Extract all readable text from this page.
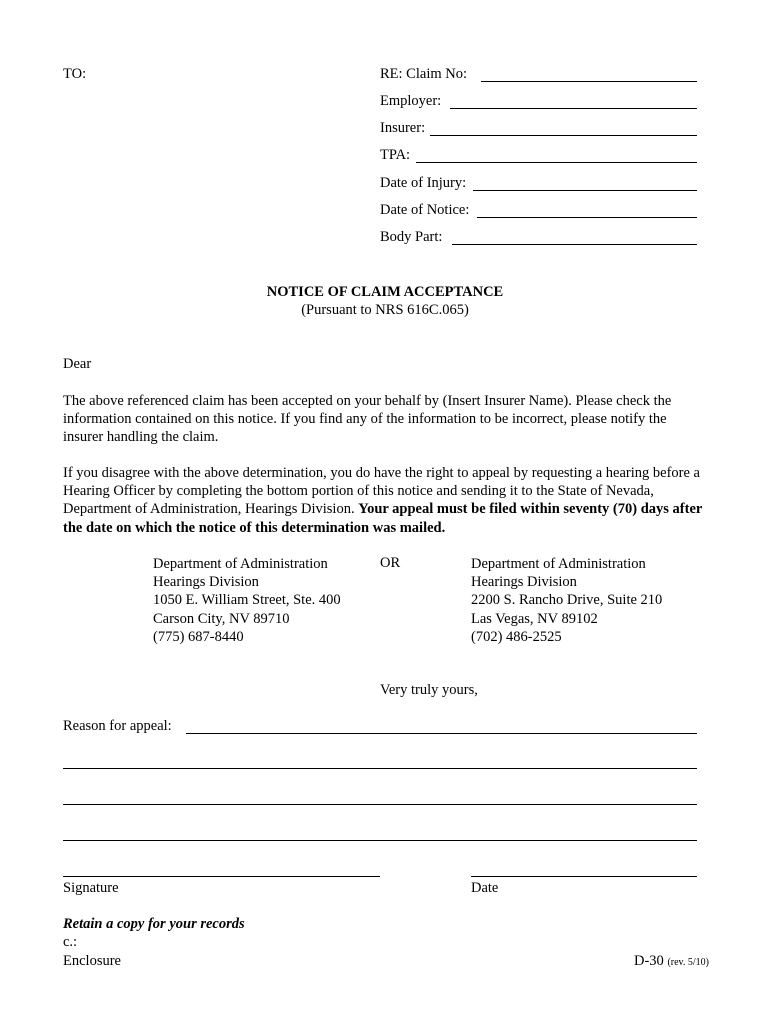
TO:	RE: Claim No:
Employer:
Insurer:
TPA:
Date of Injury:
Date of Notice:
Body Part:
NOTICE OF CLAIM ACCEPTANCE
(Pursuant to NRS 616C.065)
Dear
The above referenced claim has been accepted on your behalf by (Insert Insurer Name). Please check the information contained on this notice. If you find any of the information to be incorrect, please notify the insurer handling the claim.
If you disagree with the above determination, you do have the right to appeal by requesting a hearing before a Hearing Officer by completing the bottom portion of this notice and sending it to the State of Nevada, Department of Administration, Hearings Division. Your appeal must be filed within seventy (70) days after the date on which the notice of this determination was mailed.
Department of Administration
Hearings Division
1050 E. William Street, Ste. 400
Carson City, NV 89710
(775) 687-8440
OR	Department of Administration
Hearings Division
2200 S. Rancho Drive, Suite 210
Las Vegas, NV 89102
(702) 486-2525
Very truly yours,
Reason for appeal:
Signature	Date
Retain a copy for your records
c.:
Enclosure	D-30 (rev. 5/10)
